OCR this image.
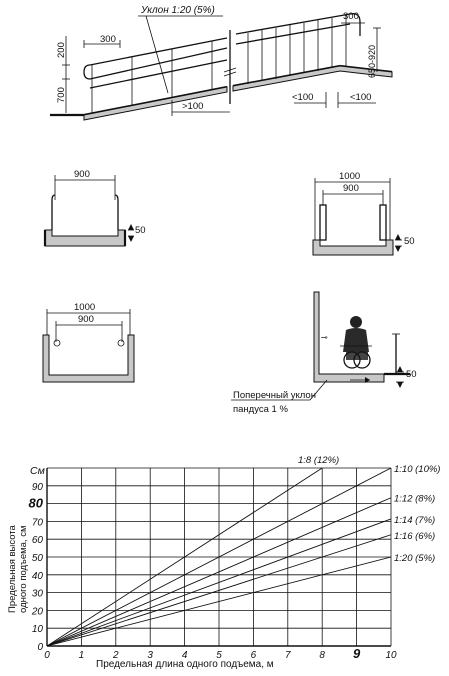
Уклон 1:20 (5%)
300
200
700
>100
300
650-920
<100	<100
900
50
1000
900
50
1000
900
⊸
50
Поперечный уклон
пандуса 1 %
0	1	2	3	4	5	6	7	8 9	10
0
10
20
30
40
50
60
70
80
90
1:8 (12%)
1:10 (10%)
1:12 (8%)
1:14 (7%)
1:16 (6%)
1:20 (5%)
См
Предельная длина одного подъема, м
Предельная высота одного подъема, см
